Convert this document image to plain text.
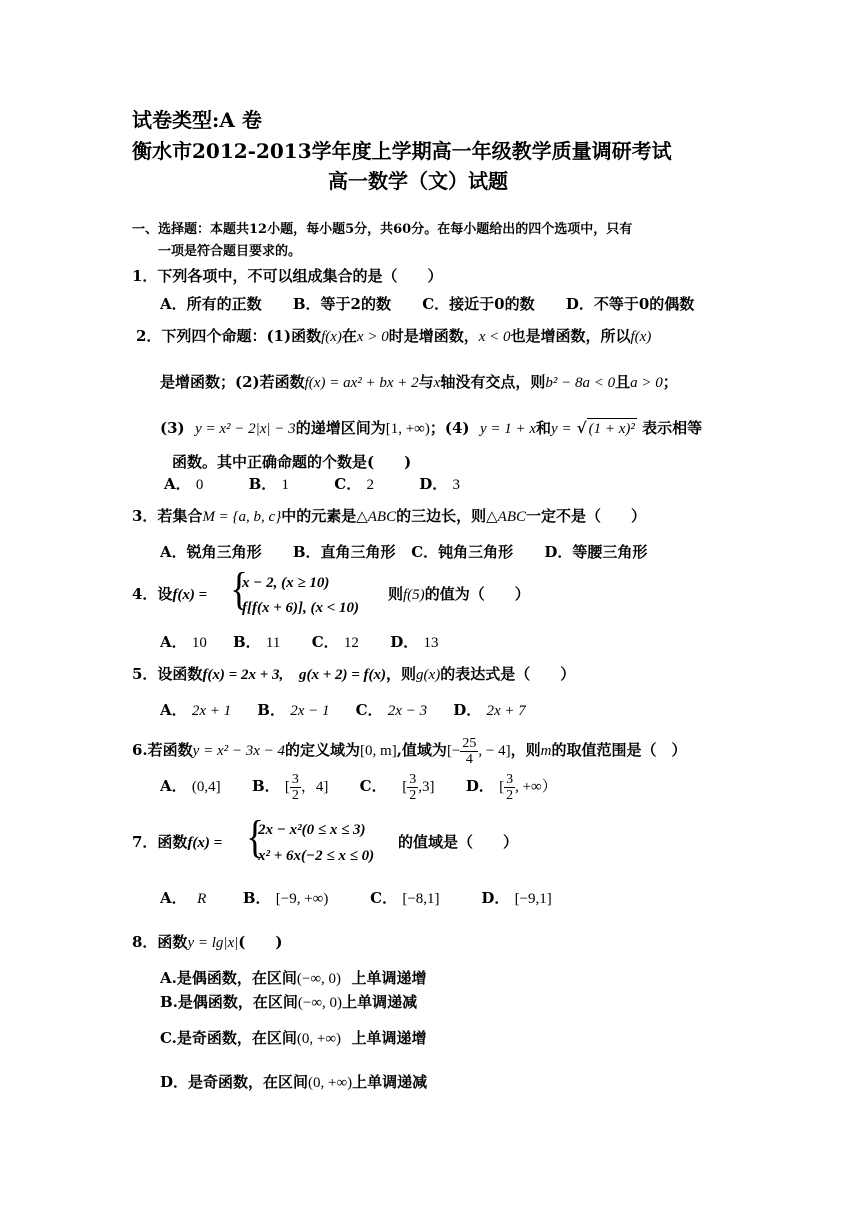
试卷类型:A 卷
衡水市2012-2013学年度上学期高一年级教学质量调研考试
高一数学（文）试题
一、选择题：本题共12小题，每小题5分，共60分。在每小题给出的四个选项中，只有
一项是符合题目要求的。
1．下列各项中，不可以组成集合的是（　　）
A．所有的正数 B．等于2的数 C．接近于0的数 D．不等于0的偶数
2．下列四个命题：(1)函数f(x)在x > 0时是增函数，x < 0也是增函数，所以f(x)
是增函数；(2)若函数f(x) = ax² + bx + 2与x轴没有交点，则b² − 8a < 0且a > 0；
(3) y = x² − 2|x| − 3的递增区间为[1, +∞)；(4) y = 1 + x和y = √ (1 + x)² 表示相等
函数。其中正确命题的个数是(　　)
A． 0	B． 1	C． 2	D． 3
3．若集合M = {a, b, c}中的元素是△ABC的三边长，则△ABC一定不是（　　）
A．锐角三角形 B．直角三角形 C．钝角三角形 D．等腰三角形
4．设f(x) = {
x − 2, (x ≥ 10)
f[f(x + 6)], (x < 10)
则f(5)的值为（　　）
A． 10 B． 11 C． 12 D． 13
5．设函数f(x) = 2x + 3, g(x + 2) = f(x)，则g(x)的表达式是（　　）
A． 2x + 1 B． 2x − 1 C． 2x − 3 D． 2x + 7
6.若函数y = x² − 3x − 4的定义域为[0, m],值域为[− $\frac{25}{4}$ , − 4]，则m的取值范围是（　）
A． (0,4] B． [ $\frac{3}{2}$ ，4] C． [ $\frac{3}{2} ,3$] D． [ $\frac{3}{2}$ , +∞）
7．函数f(x) = {
2x − x²(0 ≤ x ≤ 3)
x² + 6x(−2 ≤ x ≤ 0)
的值域是（　　）
A． R B． [−9, +∞)	C． [−8,1]	D． [−9,1]
8．函数y = lg|x|(　　)
A.是偶函数，在区间(−∞, 0) 上单调递增
B.是偶函数，在区间(−∞, 0)上单调递减
C.是奇函数，在区间(0, +∞) 上单调递增
D．是奇函数，在区间(0, +∞)上单调递减
